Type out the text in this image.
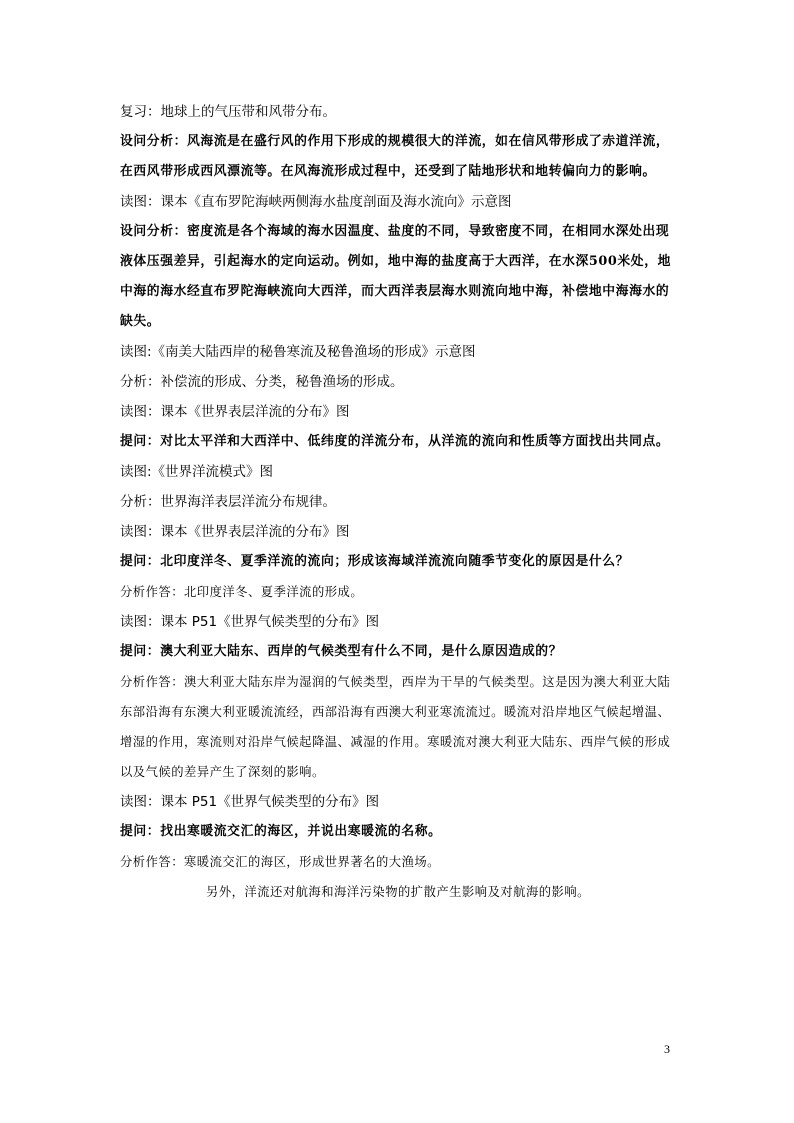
复习：地球上的气压带和风带分布。

设问分析：风海流是在盛行风的作用下形成的规模很大的洋流，如在信风带形成了赤道洋流，在西风带形成西风漂流等。在风海流形成过程中，还受到了陆地形状和地转偏向力的影响。

读图：课本《直布罗陀海峡两侧海水盐度剖面及海水流向》示意图

设问分析：密度流是各个海域的海水因温度、盐度的不同，导致密度不同，在相同水深处出现液体压强差异，引起海水的定向运动。例如，地中海的盐度高于大西洋，在水深500米处，地中海的海水经直布罗陀海峡流向大西洋，而大西洋表层海水则流向地中海，补偿地中海海水的缺失。

读图:《南美大陆西岸的秘鲁寒流及秘鲁渔场的形成》示意图

分析：补偿流的形成、分类，秘鲁渔场的形成。

读图：课本《世界表层洋流的分布》图

提问：对比太平洋和大西洋中、低纬度的洋流分布，从洋流的流向和性质等方面找出共同点。

读图:《世界洋流模式》图

分析：世界海洋表层洋流分布规律。

读图：课本《世界表层洋流的分布》图

提问：北印度洋冬、夏季洋流的流向；形成该海域洋流流向随季节变化的原因是什么？

分析作答：北印度洋冬、夏季洋流的形成。

读图：课本 P51《世界气候类型的分布》图

提问：澳大利亚大陆东、西岸的气候类型有什么不同，是什么原因造成的？

分析作答：澳大利亚大陆东岸为湿润的气候类型，西岸为干旱的气候类型。这是因为澳大利亚大陆东部沿海有东澳大利亚暖流流经，西部沿海有西澳大利亚寒流流过。暖流对沿岸地区气候起增温、增湿的作用，寒流则对沿岸气候起降温、减湿的作用。寒暖流对澳大利亚大陆东、西岸气候的形成以及气候的差异产生了深刻的影响。

读图：课本 P51《世界气候类型的分布》图

提问：找出寒暖流交汇的海区，并说出寒暖流的名称。

分析作答：寒暖流交汇的海区，形成世界著名的大渔场。

另外，洋流还对航海和海洋污染物的扩散产生影响及对航海的影响。

3
